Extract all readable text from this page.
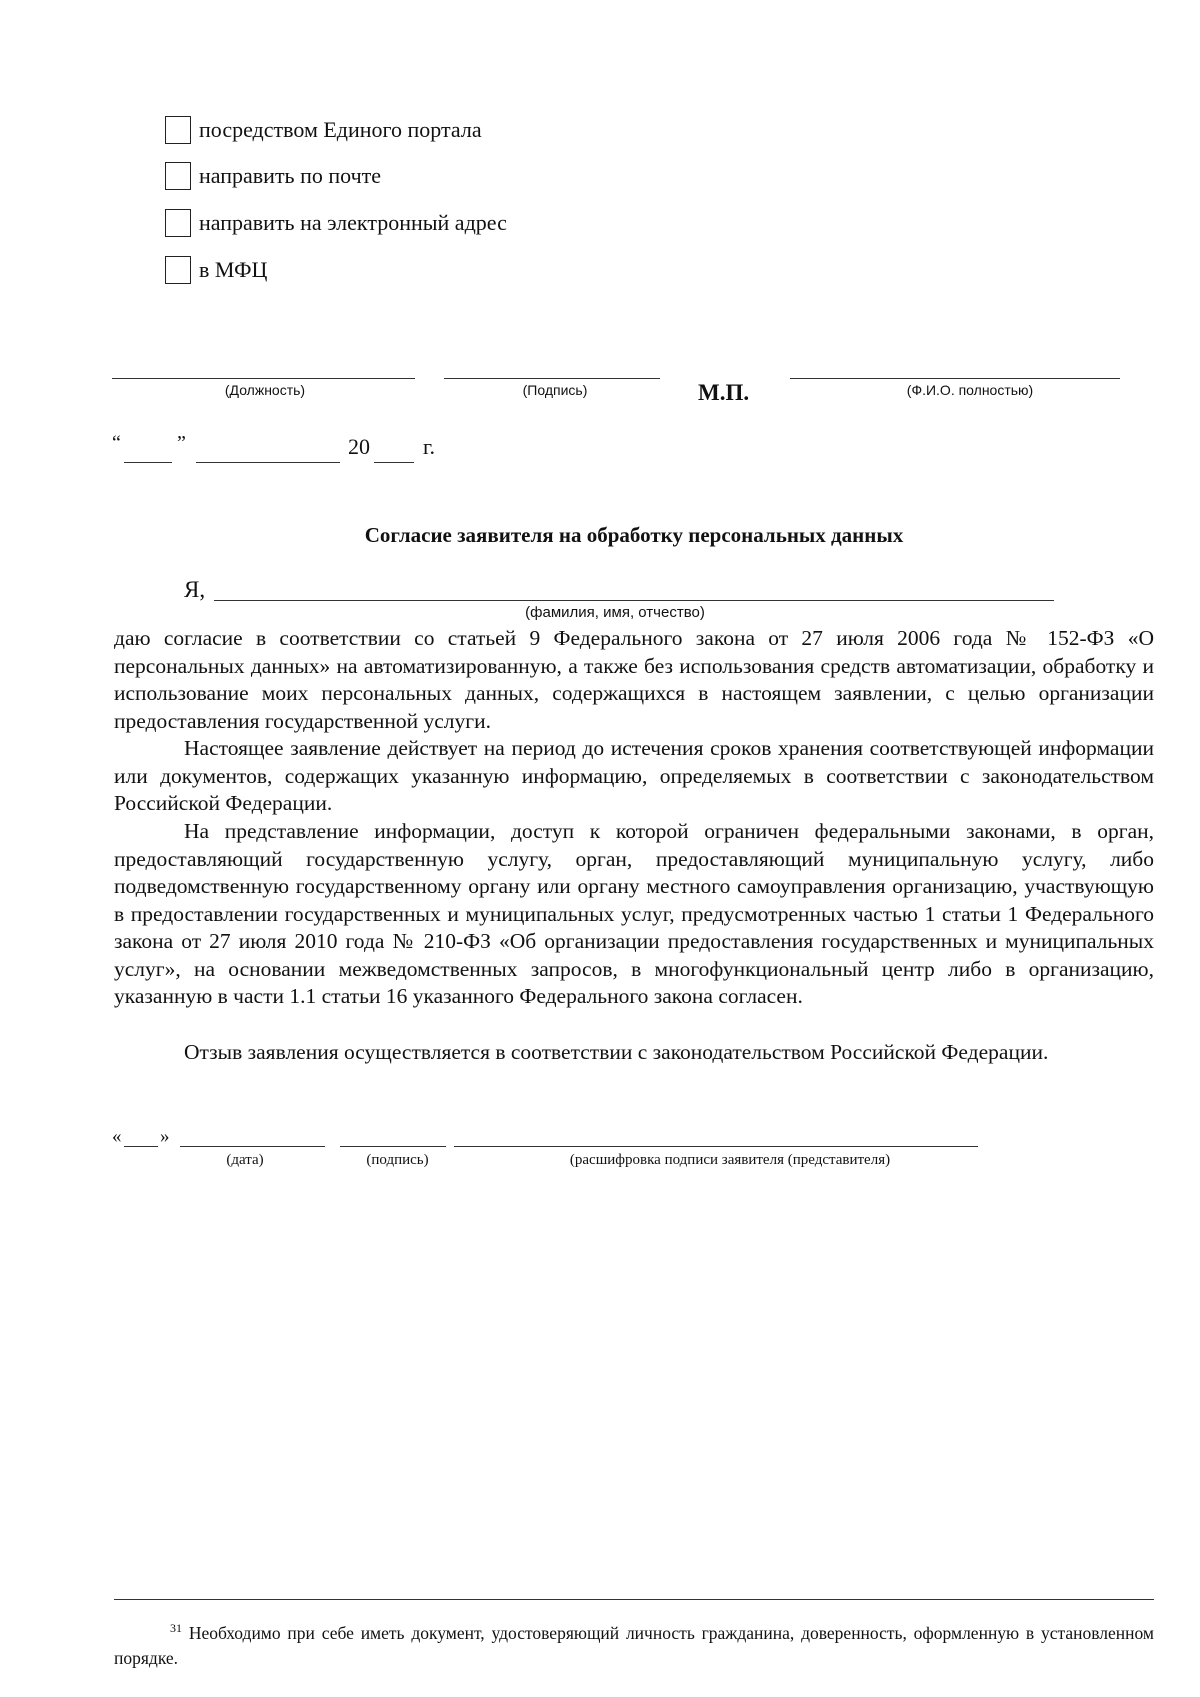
посредством Единого портала
направить по почте
направить на электронный адрес
в МФЦ
(Должность)	(Подпись)	М.П.	(Ф.И.О. полностью)
“	”	20 г.
Согласие заявителя на обработку персональных данных
Я,
(фамилия, имя, отчество)

даю согласие в соответствии со статьей 9 Федерального закона от 27 июля 2006 года № 152-ФЗ «О персональных данных» на автоматизированную, а также без использования средств автоматизации, обработку и использование моих персональных данных, содержащихся в настоящем заявлении, с целью организации предоставления государственной услуги.

Настоящее заявление действует на период до истечения сроков хранения соответствующей информации или документов, содержащих указанную информацию, определяемых в соответствии с законодательством Российской Федерации.

На представление информации, доступ к которой ограничен федеральными законами, в орган, предоставляющий государственную услугу, орган, предоставляющий муниципальную услугу, либо подведомственную государственному органу или органу местного самоуправления организацию, участвующую в предоставлении государственных и муниципальных услуг, предусмотренных частью 1 статьи 1 Федерального закона от 27 июля 2010 года № 210-ФЗ «Об организации предоставления государственных и муниципальных услуг», на основании межведомственных запросов, в многофункциональный центр либо в организацию, указанную в части 1.1 статьи 16 указанного Федерального закона согласен.

Отзыв заявления осуществляется в соответствии с законодательством Российской Федерации.

« »
(дата)	(подпись)	(расшифровка подписи заявителя (представителя)
$^{31}$ Необходимо при себе иметь документ, удостоверяющий личность гражданина, доверенность, оформленную в установленном порядке.
